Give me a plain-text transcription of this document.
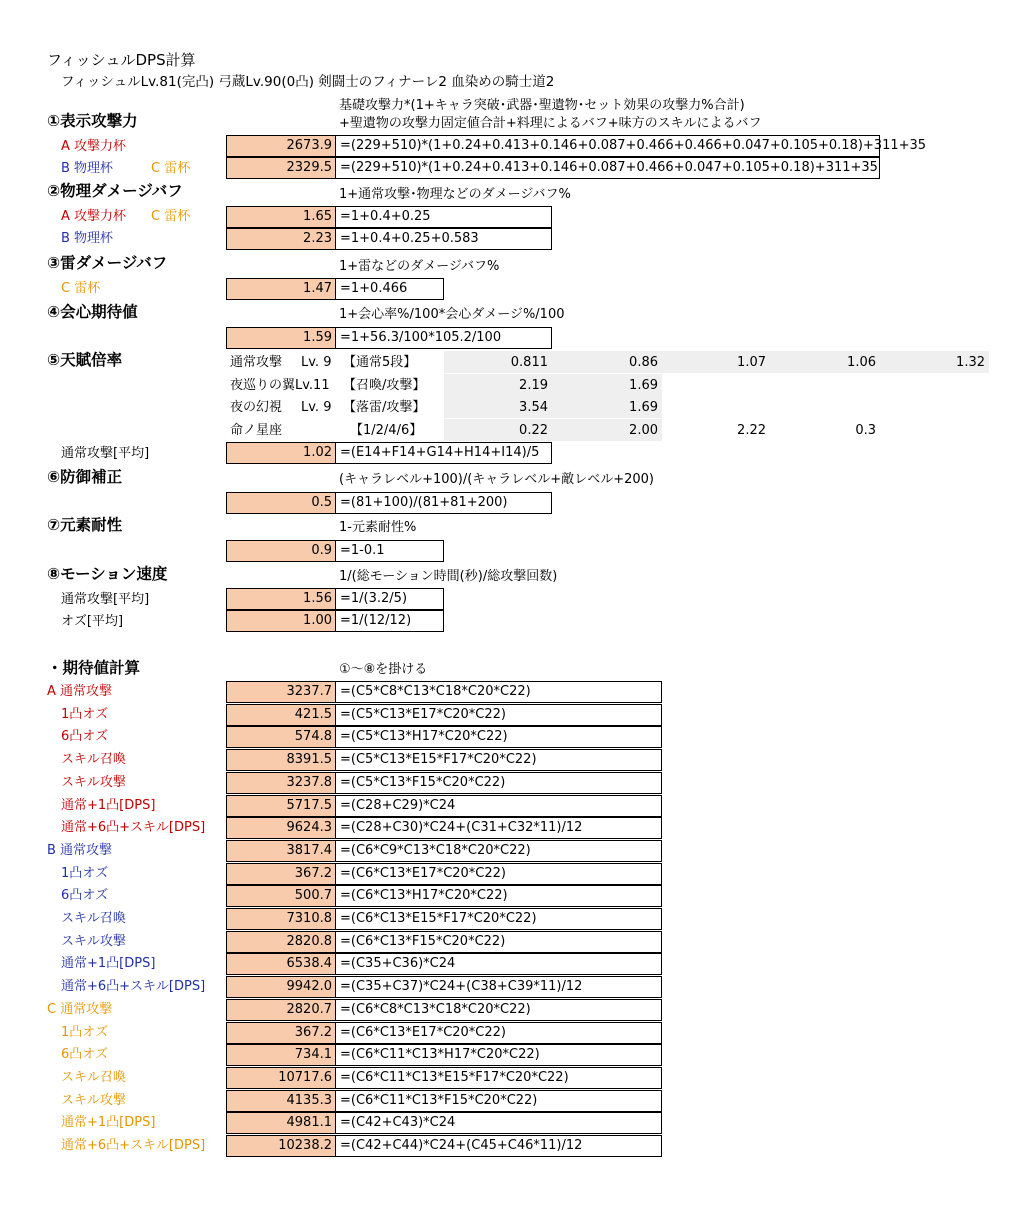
フィッシュルDPS計算
フィッシュルLv.81(完凸) 弓蔵Lv.90(0凸) 剣闘士のフィナーレ2 血染めの騎士道2
①表示攻撃力
基礎攻撃力*(1+キャラ突破･武器･聖遺物･セット効果の攻撃力%合計)
+聖遺物の攻撃力固定値合計+料理によるバフ+味方のスキルによるバフ
A 攻撃力杯	2673.9 =(229+510)*(1+0.24+0.413+0.146+0.087+0.466+0.466+0.047+0.105+0.18)+311+35
B 物理杯	C 雷杯	2329.5 =(229+510)*(1+0.24+0.413+0.146+0.087+0.466+0.047+0.105+0.18)+311+35
②物理ダメージバフ	1+通常攻撃･物理などのダメージバフ%
A 攻撃力杯 C 雷杯	1.65 =1+0.4+0.25
B 物理杯	2.23 =1+0.4+0.25+0.583
③雷ダメージバフ	1+雷などのダメージバフ%
C 雷杯	1.47 =1+0.466
④会心期待値	1+会心率%/100*会心ダメージ%/100
1.59 =1+56.3/100*105.2/100
⑤天賦倍率	通常攻撃 Lv. 9 【通常5段】	0.811	0.86	1.07	1.06	1.32
夜巡りの翼Lv.11 【召喚/攻撃】	2.19	1.69
夜の幻視 Lv. 9 【落雷/攻撃】	3.54	1.69
命ノ星座	【1/2/4/6】	0.22	2.00	2.22	0.3
通常攻撃[平均]	1.02 =(E14+F14+G14+H14+I14)/5
⑥防御補正	(キャラレベル+100)/(キャラレベル+敵レベル+200)
0.5 =(81+100)/(81+81+200)
⑦元素耐性	1-元素耐性%
0.9 =1-0.1
⑧モーション速度	1/(総モーション時間(秒)/総攻撃回数)
通常攻撃[平均]	1.56 =1/(3.2/5)
オズ[平均]	1.00 =1/(12/12)
・期待値計算	①～⑧を掛ける
A 通常攻撃	3237.7 =(C5*C8*C13*C18*C20*C22)
1凸オズ	421.5 =(C5*C13*E17*C20*C22)
6凸オズ	574.8 =(C5*C13*H17*C20*C22)
スキル召喚	8391.5 =(C5*C13*E15*F17*C20*C22)
スキル攻撃	3237.8 =(C5*C13*F15*C20*C22)
通常+1凸[DPS]	5717.5 =(C28+C29)*C24
通常+6凸+スキル[DPS]	9624.3 =(C28+C30)*C24+(C31+C32*11)/12
B 通常攻撃	3817.4 =(C6*C9*C13*C18*C20*C22)
1凸オズ	367.2 =(C6*C13*E17*C20*C22)
6凸オズ	500.7 =(C6*C13*H17*C20*C22)
スキル召喚	7310.8 =(C6*C13*E15*F17*C20*C22)
スキル攻撃	2820.8 =(C6*C13*F15*C20*C22)
通常+1凸[DPS]	6538.4 =(C35+C36)*C24
通常+6凸+スキル[DPS]	9942.0 =(C35+C37)*C24+(C38+C39*11)/12
C 通常攻撃	2820.7 =(C6*C8*C13*C18*C20*C22)
1凸オズ	367.2 =(C6*C13*E17*C20*C22)
6凸オズ	734.1 =(C6*C11*C13*H17*C20*C22)
スキル召喚	10717.6 =(C6*C11*C13*E15*F17*C20*C22)
スキル攻撃	4135.3 =(C6*C11*C13*F15*C20*C22)
通常+1凸[DPS]	4981.1 =(C42+C43)*C24
通常+6凸+スキル[DPS]	10238.2 =(C42+C44)*C24+(C45+C46*11)/12
